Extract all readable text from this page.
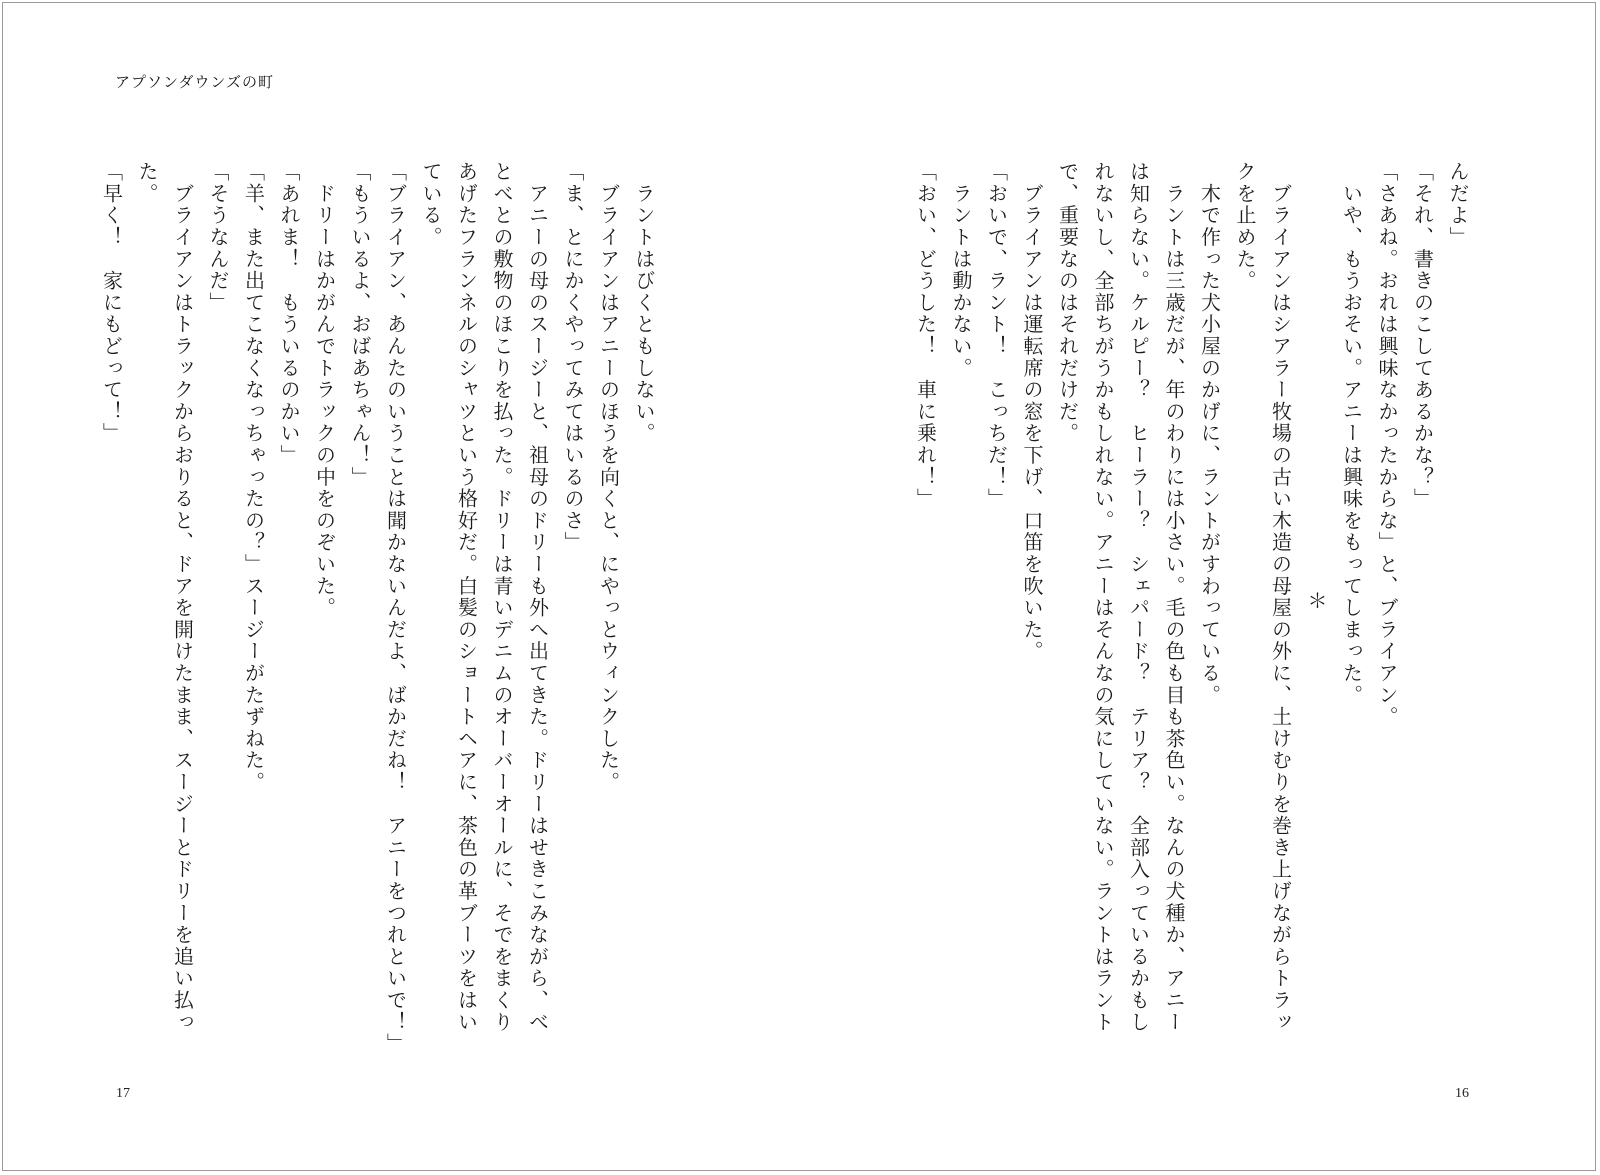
アプソンダウンズの町
　ラントはびくともしない。
　ブライアンはアニーのほうを向くと、にやっとウィンクした。
「ま、とにかくやってみてはいるのさ」
　アニーの母のスージーと、祖母のドリーも外へ出てきた。ドリーはせきこみながら、べ
とべとの敷物のほこりを払った。ドリーは青いデニムのオーバーオールに、そでをまくり
あげたフランネルのシャツという格好だ。白髪のショートヘアに、茶色の革ブーツをはい
ている。
「ブライアン、あんたのいうことは聞かないんだよ、ばかだね！　アニーをつれといで！」
「もういるよ、おばあちゃん！」
　ドリーはかがんでトラックの中をのぞいた。
「あれま！　もういるのかい」
「羊、また出てこなくなっちゃったの？」スージーがたずねた。
「そうなんだ」
　ブライアンはトラックからおりると、ドアを開けたまま、スージーとドリーを追い払っ
た。
「早く！　家にもどって！」
17
んだよ」
「それ、書きのこしてあるかな？」
「さあね。おれは興味なかったからな」と、ブライアン。
　いや、もうおそい。アニーは興味をもってしまった。
＊
　ブライアンはシアラー牧場の古い木造の母屋の外に、土けむりを巻き上げながらトラッ
クを止めた。
　木で作った犬小屋のかげに、ラントがすわっている。
　ラントは三歳だが、年のわりには小さい。毛の色も目も茶色い。なんの犬種か、アニー
は知らない。ケルピー？　ヒーラー？　シェパード？　テリア？　全部入っているかもし
れないし、全部ちがうかもしれない。アニーはそんなの気にしていない。ラントはラント
で、重要なのはそれだけだ。
　ブライアンは運転席の窓を下げ、口笛を吹いた。
「おいで、ラント！　こっちだ！」
　ラントは動かない。
「おい、どうした！　車に乗れ！」
16
